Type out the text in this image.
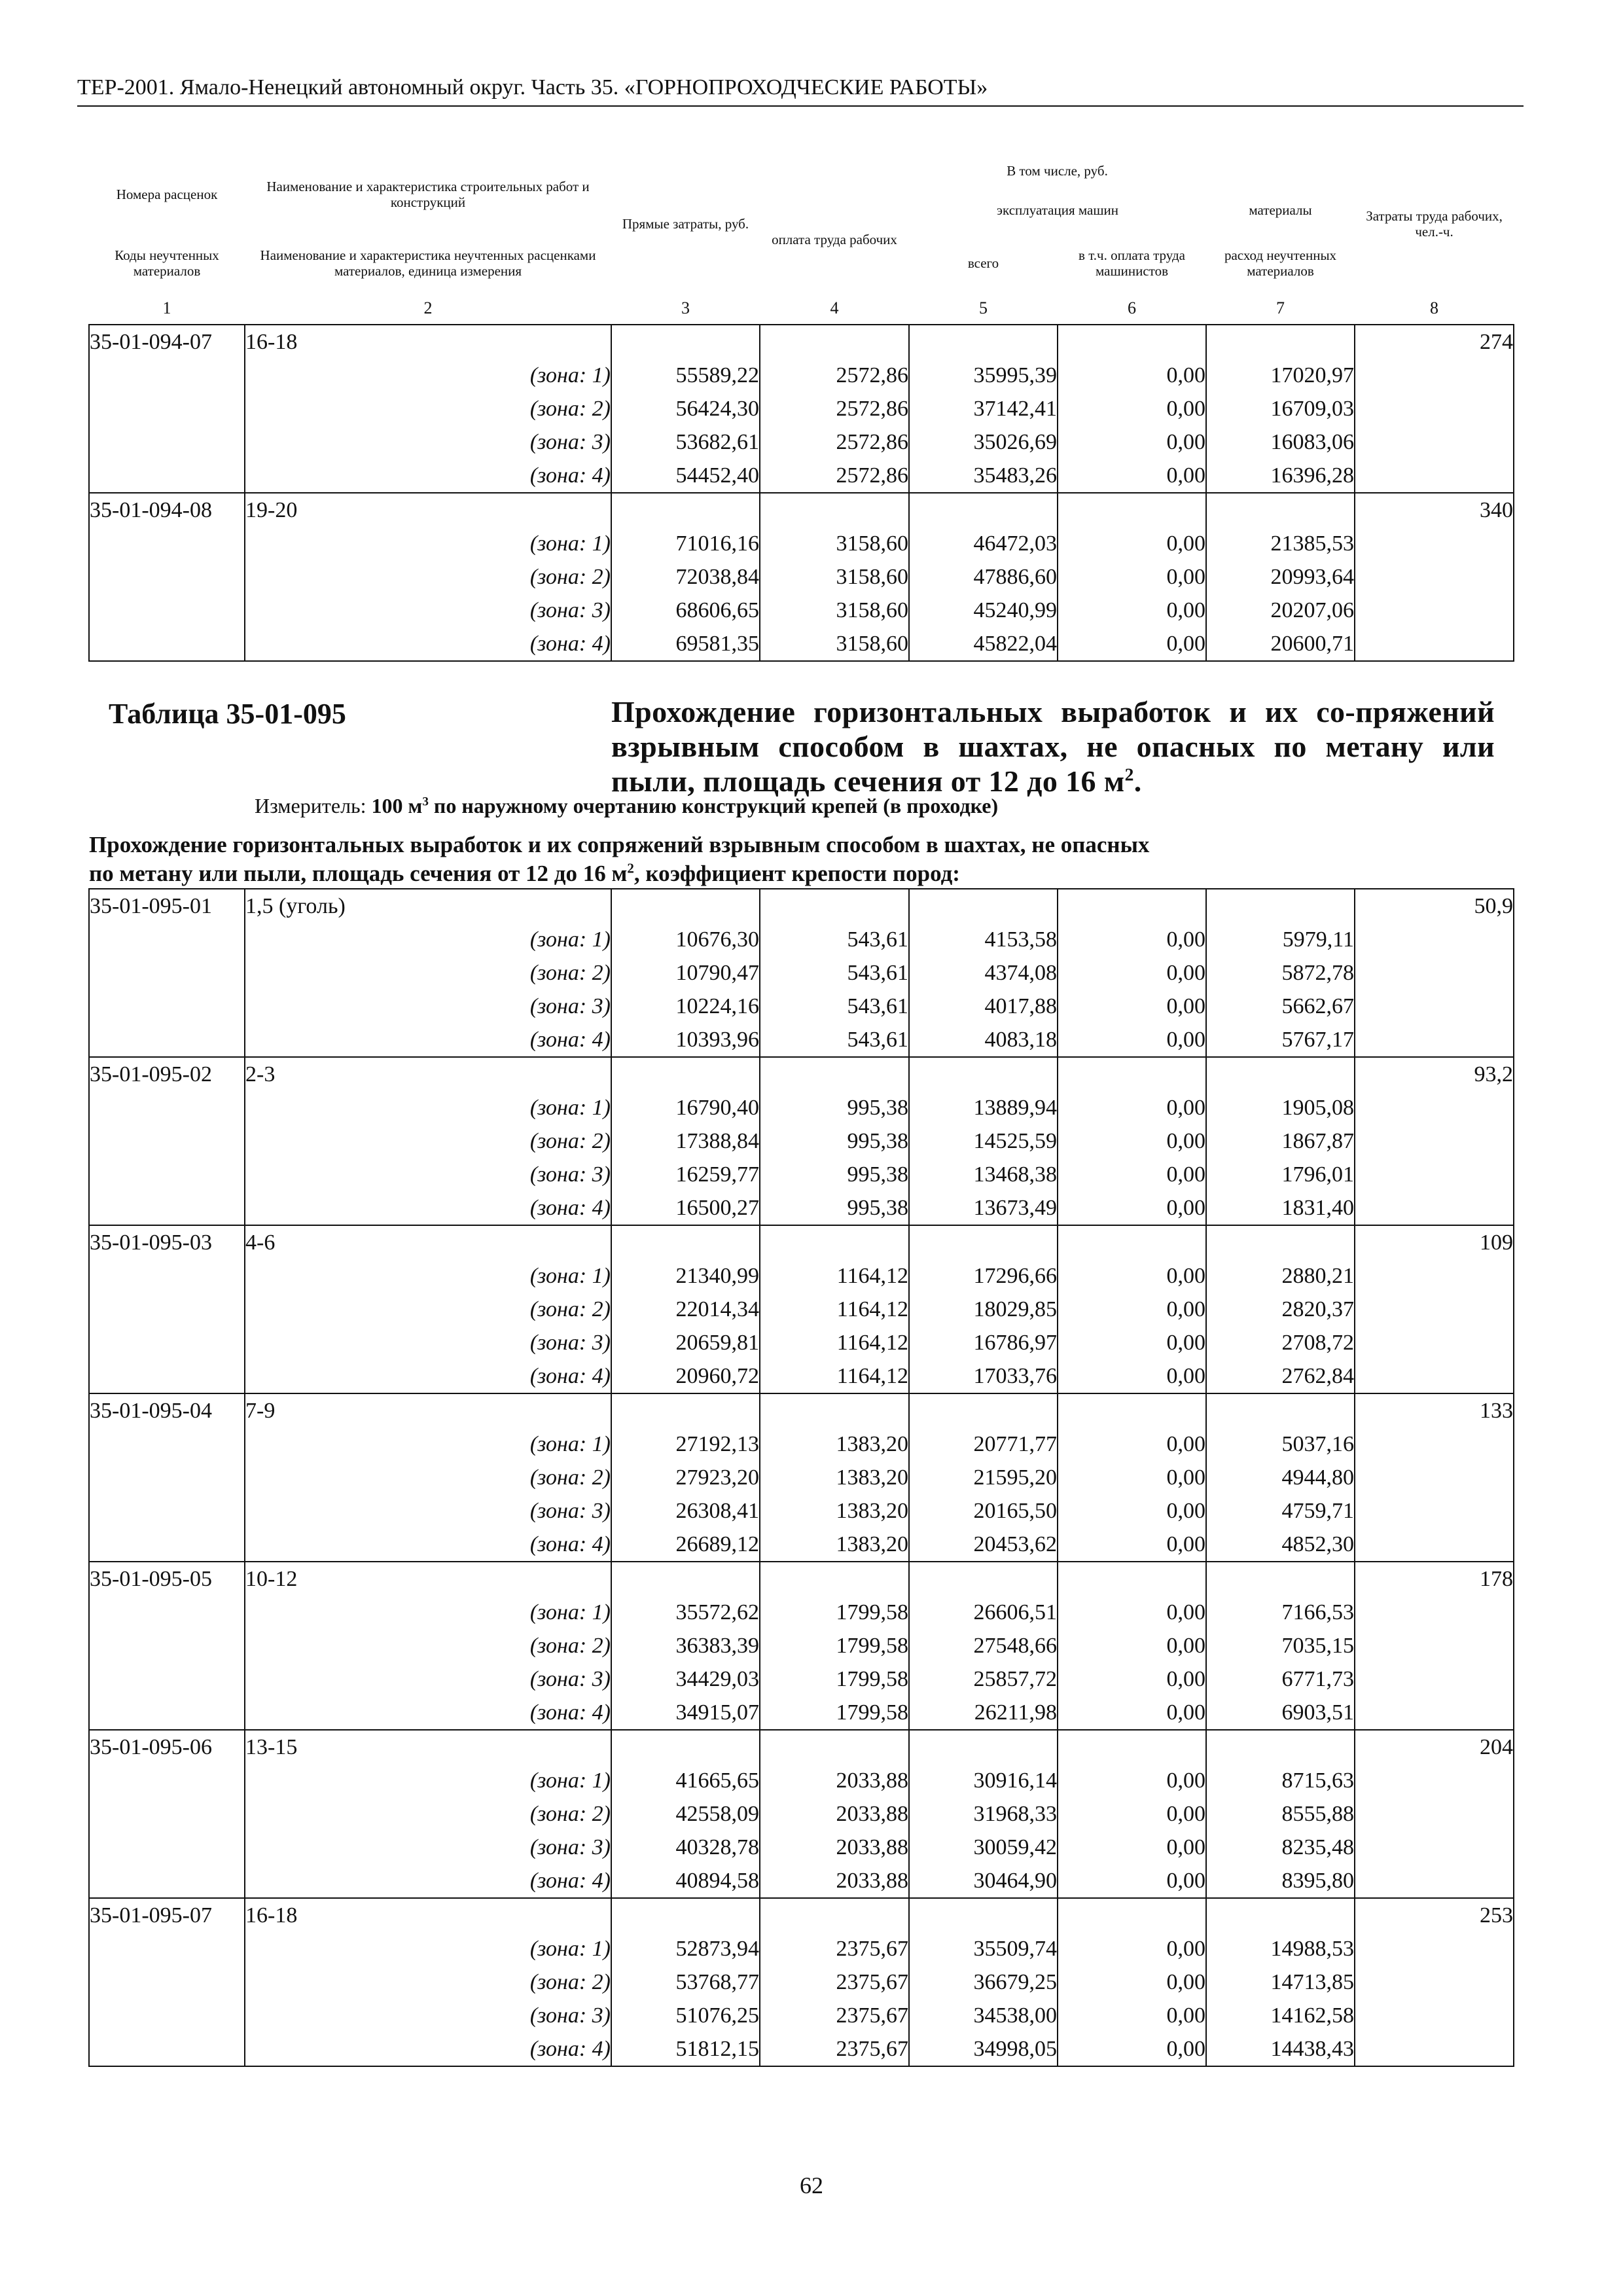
ТЕР-2001. Ямало-Ненецкий автономный округ. Часть 35. «ГОРНОПРОХОДЧЕСКИЕ РАБОТЫ»
Номера расценок	Наименование и характеристика строительных работ и конструкций	Прямые затраты, руб.	В том числе, руб.				Затраты труда рабочих, чел.-ч.
			оплата труда рабочих	эксплуатация машин		материалы	
Коды неучтенных материалов	Наименование и характеристика неучтенных расценками материалов, единица измерения			всего	в т.ч. оплата труда машинистов	расход неучтенных материалов	
1	2	3	4	5	6	7	8
35-01-094-07	16-18						274
	(зона: 1)	55589,22	2572,86	35995,39	0,00	17020,97	
	(зона: 2)	56424,30	2572,86	37142,41	0,00	16709,03	
	(зона: 3)	53682,61	2572,86	35026,69	0,00	16083,06	
	(зона: 4)	54452,40	2572,86	35483,26	0,00	16396,28	
35-01-094-08	19-20						340
	(зона: 1)	71016,16	3158,60	46472,03	0,00	21385,53	
	(зона: 2)	72038,84	3158,60	47886,60	0,00	20993,64	
	(зона: 3)	68606,65	3158,60	45240,99	0,00	20207,06	
	(зона: 4)	69581,35	3158,60	45822,04	0,00	20600,71	

Таблица 35-01-095 Прохождение горизонтальных выработок и их со-пряжений взрывным способом в шахтах, не опасных по метану или пыли, площадь сечения от 12 до 16 $м^2$.
Измеритель: 100 $м^3$ по наружному очертанию конструкций крепей (в проходке)							

Прохождение горизонтальных выработок и их сопряжений взрывным способом в шахтах, не опасных
по метану или пыли, площадь сечения от 12 до 16 $м^2$, коэффициент крепости пород:							

35-01-095-01	1,5 (уголь)						50,9
	(зона: 1)	10676,30	543,61	4153,58	0,00	5979,11	
	(зона: 2)	10790,47	543,61	4374,08	0,00	5872,78	
	(зона: 3)	10224,16	543,61	4017,88	0,00	5662,67	
	(зона: 4)	10393,96	543,61	4083,18	0,00	5767,17	
35-01-095-02	2-3						93,2
	(зона: 1)	16790,40	995,38	13889,94	0,00	1905,08	
	(зона: 2)	17388,84	995,38	14525,59	0,00	1867,87	
	(зона: 3)	16259,77	995,38	13468,38	0,00	1796,01	
	(зона: 4)	16500,27	995,38	13673,49	0,00	1831,40	
35-01-095-03	4-6						109
	(зона: 1)	21340,99	1164,12	17296,66	0,00	2880,21	
	(зона: 2)	22014,34	1164,12	18029,85	0,00	2820,37	
	(зона: 3)	20659,81	1164,12	16786,97	0,00	2708,72	
	(зона: 4)	20960,72	1164,12	17033,76	0,00	2762,84	
35-01-095-04	7-9						133
	(зона: 1)	27192,13	1383,20	20771,77	0,00	5037,16	
	(зона: 2)	27923,20	1383,20	21595,20	0,00	4944,80	
	(зона: 3)	26308,41	1383,20	20165,50	0,00	4759,71	
	(зона: 4)	26689,12	1383,20	20453,62	0,00	4852,30	
35-01-095-05	10-12						178
	(зона: 1)	35572,62	1799,58	26606,51	0,00	7166,53	
	(зона: 2)	36383,39	1799,58	27548,66	0,00	7035,15	
	(зона: 3)	34429,03	1799,58	25857,72	0,00	6771,73	
	(зона: 4)	34915,07	1799,58	26211,98	0,00	6903,51	
35-01-095-06	13-15						204
	(зона: 1)	41665,65	2033,88	30916,14	0,00	8715,63	
	(зона: 2)	42558,09	2033,88	31968,33	0,00	8555,88	
	(зона: 3)	40328,78	2033,88	30059,42	0,00	8235,48	
	(зона: 4)	40894,58	2033,88	30464,90	0,00	8395,80	
35-01-095-07	16-18						253
	(зона: 1)	52873,94	2375,67	35509,74	0,00	14988,53	
	(зона: 2)	53768,77	2375,67	36679,25	0,00	14713,85	
	(зона: 3)	51076,25	2375,67	34538,00	0,00	14162,58	
	(зона: 4)	51812,15	2375,67	34998,05	0,00	14438,43	
62
